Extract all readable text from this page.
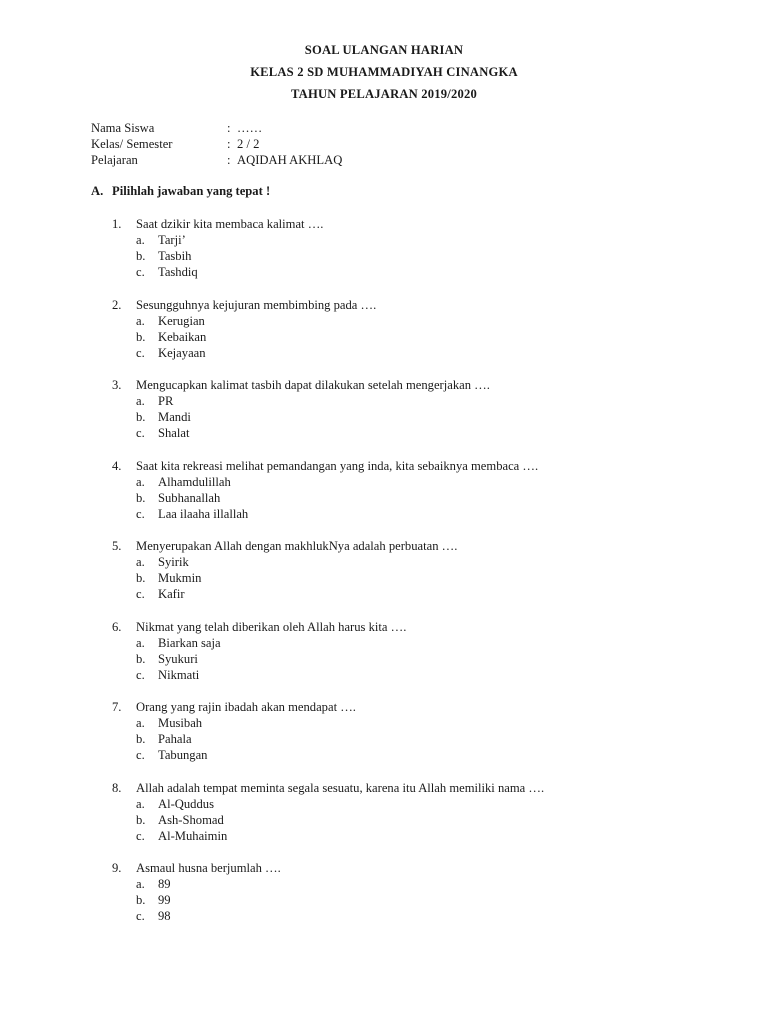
SOAL ULANGAN HARIAN
KELAS 2 SD MUHAMMADIYAH CINANGKA
TAHUN PELAJARAN 2019/2020
Nama Siswa	: ……
Kelas/ Semester	: 2 / 2
Pelajaran	: AQIDAH AKHLAQ
A. Pilihlah jawaban yang tepat !
1. Saat dzikir kita membaca kalimat ….
a. Tarji’
b. Tasbih
c. Tashdiq
2. Sesungguhnya kejujuran membimbing pada ….
a. Kerugian
b. Kebaikan
c. Kejayaan
3. Mengucapkan kalimat tasbih dapat dilakukan setelah mengerjakan ….
a. PR
b. Mandi
c. Shalat
4. Saat kita rekreasi melihat pemandangan yang inda, kita sebaiknya membaca ….
a. Alhamdulillah
b. Subhanallah
c. Laa ilaaha illallah
5. Menyerupakan Allah dengan makhlukNya adalah perbuatan ….
a. Syirik
b. Mukmin
c. Kafir
6. Nikmat yang telah diberikan oleh Allah harus kita ….
a. Biarkan saja
b. Syukuri
c. Nikmati
7. Orang yang rajin ibadah akan mendapat ….
a. Musibah
b. Pahala
c. Tabungan
8. Allah adalah tempat meminta segala sesuatu, karena itu Allah memiliki nama ….
a. Al-Quddus
b. Ash-Shomad
c. Al-Muhaimin
9. Asmaul husna berjumlah ….
a. 89
b. 99
c. 98
